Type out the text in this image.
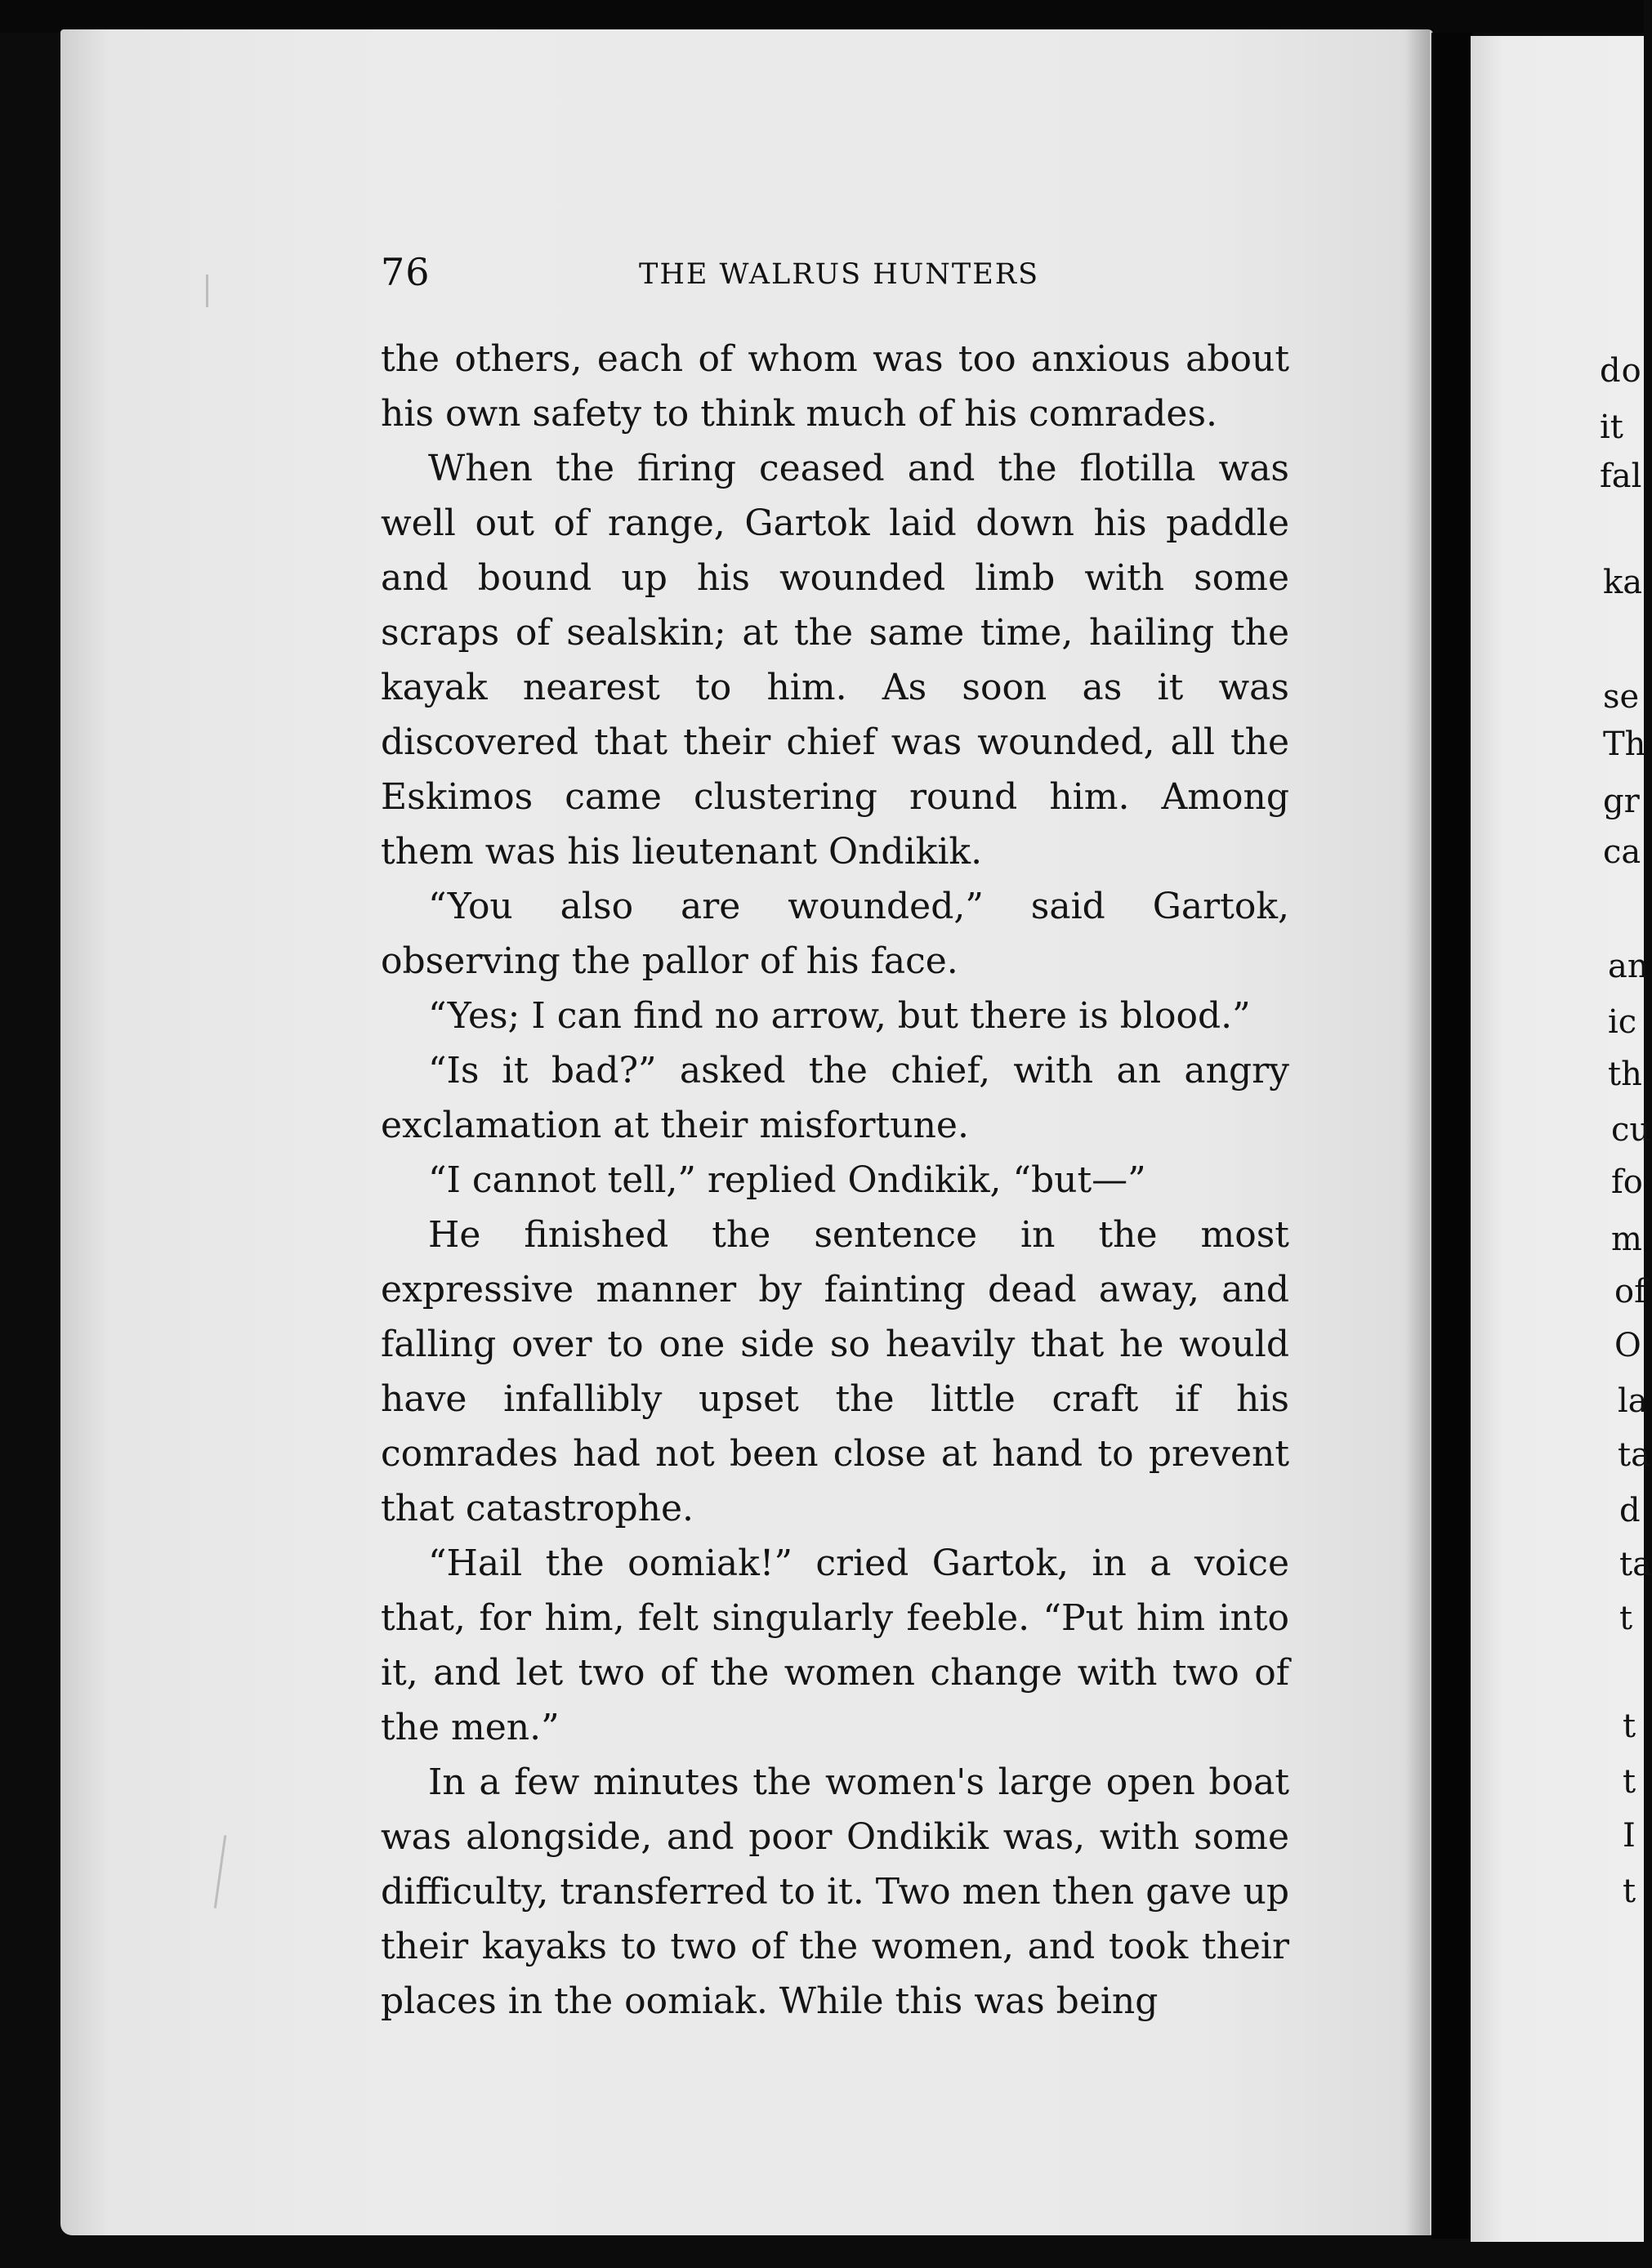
do
it
fal
ka
se
Th
gr
ca
an
ic
th
cu
fo
m
of
O
la
ta
d
ta
t
t
t
I
t
76	THE WALRUS HUNTERS

the others, each of whom was too anxious about his own safety to think much of his comrades.

When the firing ceased and the flotilla was well out of range, Gartok laid down his paddle and bound up his wounded limb with some scraps of sealskin; at the same time, hailing the kayak nearest to him. As soon as it was discovered that their chief was wounded, all the Eskimos came clustering round him. Among them was his lieutenant Ondikik.

“You also are wounded,” said Gartok, observing the pallor of his face.

“Yes; I can find no arrow, but there is blood.”

“Is it bad?” asked the chief, with an angry exclamation at their misfortune.

“I cannot tell,” replied Ondikik, “but—”

He finished the sentence in the most expressive manner by fainting dead away, and falling over to one side so heavily that he would have infallibly upset the little craft if his comrades had not been close at hand to prevent that catastrophe.

“Hail the oomiak!” cried Gartok, in a voice that, for him, felt singularly feeble. “Put him into it, and let two of the women change with two of the men.”

In a few minutes the women's large open boat was alongside, and poor Ondikik was, with some difficulty, transferred to it. Two men then gave up their kayaks to two of the women, and took their places in the oomiak. While this was being
